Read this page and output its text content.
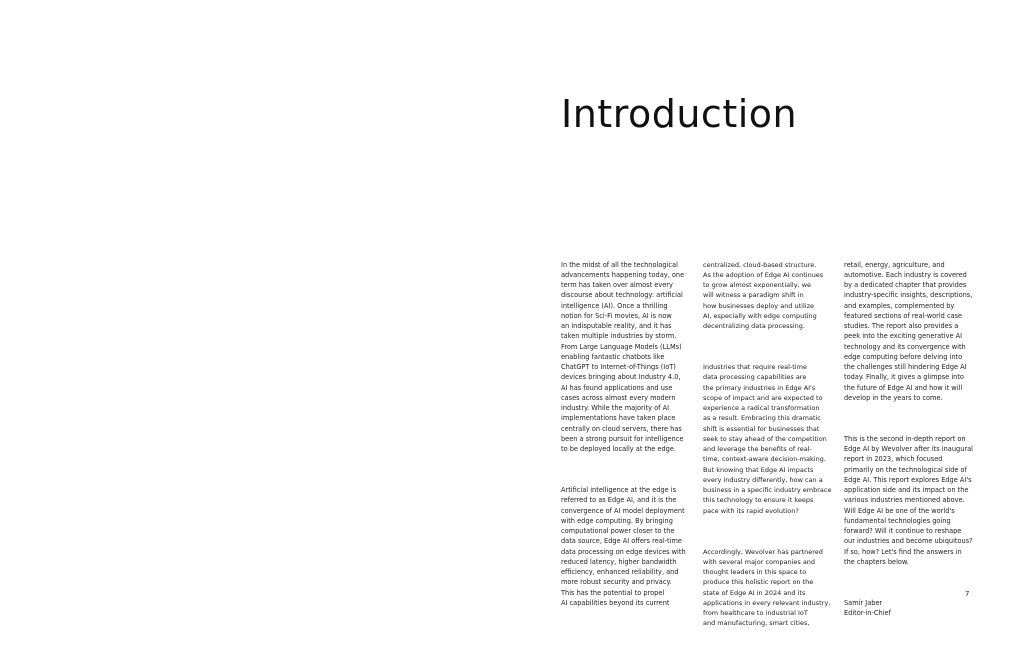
Introduction

In the midst of all the technological
advancements happening today, one
term has taken over almost every
discourse about technology: artificial
intelligence (AI). Once a thrilling
notion for Sci-Fi movies, AI is now
an indisputable reality, and it has
taken multiple industries by storm.
From Large Language Models (LLMs)
enabling fantastic chatbots like
ChatGPT to Internet-of-Things (IoT)
devices bringing about Industry 4.0,
AI has found applications and use
cases across almost every modern
industry. While the majority of AI
implementations have taken place
centrally on cloud servers, there has
been a strong pursuit for intelligence
to be deployed locally at the edge.

Artificial intelligence at the edge is
referred to as Edge AI, and it is the
convergence of AI model deployment
with edge computing. By bringing
computational power closer to the
data source, Edge AI offers real-time
data processing on edge devices with
reduced latency, higher bandwidth
efficiency, enhanced reliability, and
more robust security and privacy.
This has the potential to propel
AI capabilities beyond its current

centralized, cloud-based structure.
As the adoption of Edge AI continues
to grow almost exponentially, we
will witness a paradigm shift in
how businesses deploy and utilize
AI, especially with edge computing
decentralizing data processing.

Industries that require real-time
data processing capabilities are
the primary industries in Edge AI's
scope of impact and are expected to
experience a radical transformation
as a result. Embracing this dramatic
shift is essential for businesses that
seek to stay ahead of the competition
and leverage the benefits of real-
time, context-aware decision-making.
But knowing that Edge AI impacts
every industry differently, how can a
business in a specific industry embrace
this technology to ensure it keeps
pace with its rapid evolution?

Accordingly, Wevolver has partnered
with several major companies and
thought leaders in this space to
produce this holistic report on the
state of Edge AI in 2024 and its
applications in every relevant industry,
from healthcare to industrial IoT
and manufacturing, smart cities,

retail, energy, agriculture, and
automotive. Each industry is covered
by a dedicated chapter that provides
industry-specific insights, descriptions,
and examples, complemented by
featured sections of real-world case
studies. The report also provides a
peek into the exciting generative AI
technology and its convergence with
edge computing before delving into
the challenges still hindering Edge AI
today. Finally, it gives a glimpse into
the future of Edge AI and how it will
develop in the years to come.

This is the second in-depth report on
Edge AI by Wevolver after its inaugural
report in 2023, which focused
primarily on the technological side of
Edge AI. This report explores Edge AI's
application side and its impact on the
various industries mentioned above.
Will Edge AI be one of the world's
fundamental technologies going
forward? Will it continue to reshape
our industries and become ubiquitous?
If so, how? Let's find the answers in
the chapters below.

Samir Jaber
Editor-in-Chief

7
